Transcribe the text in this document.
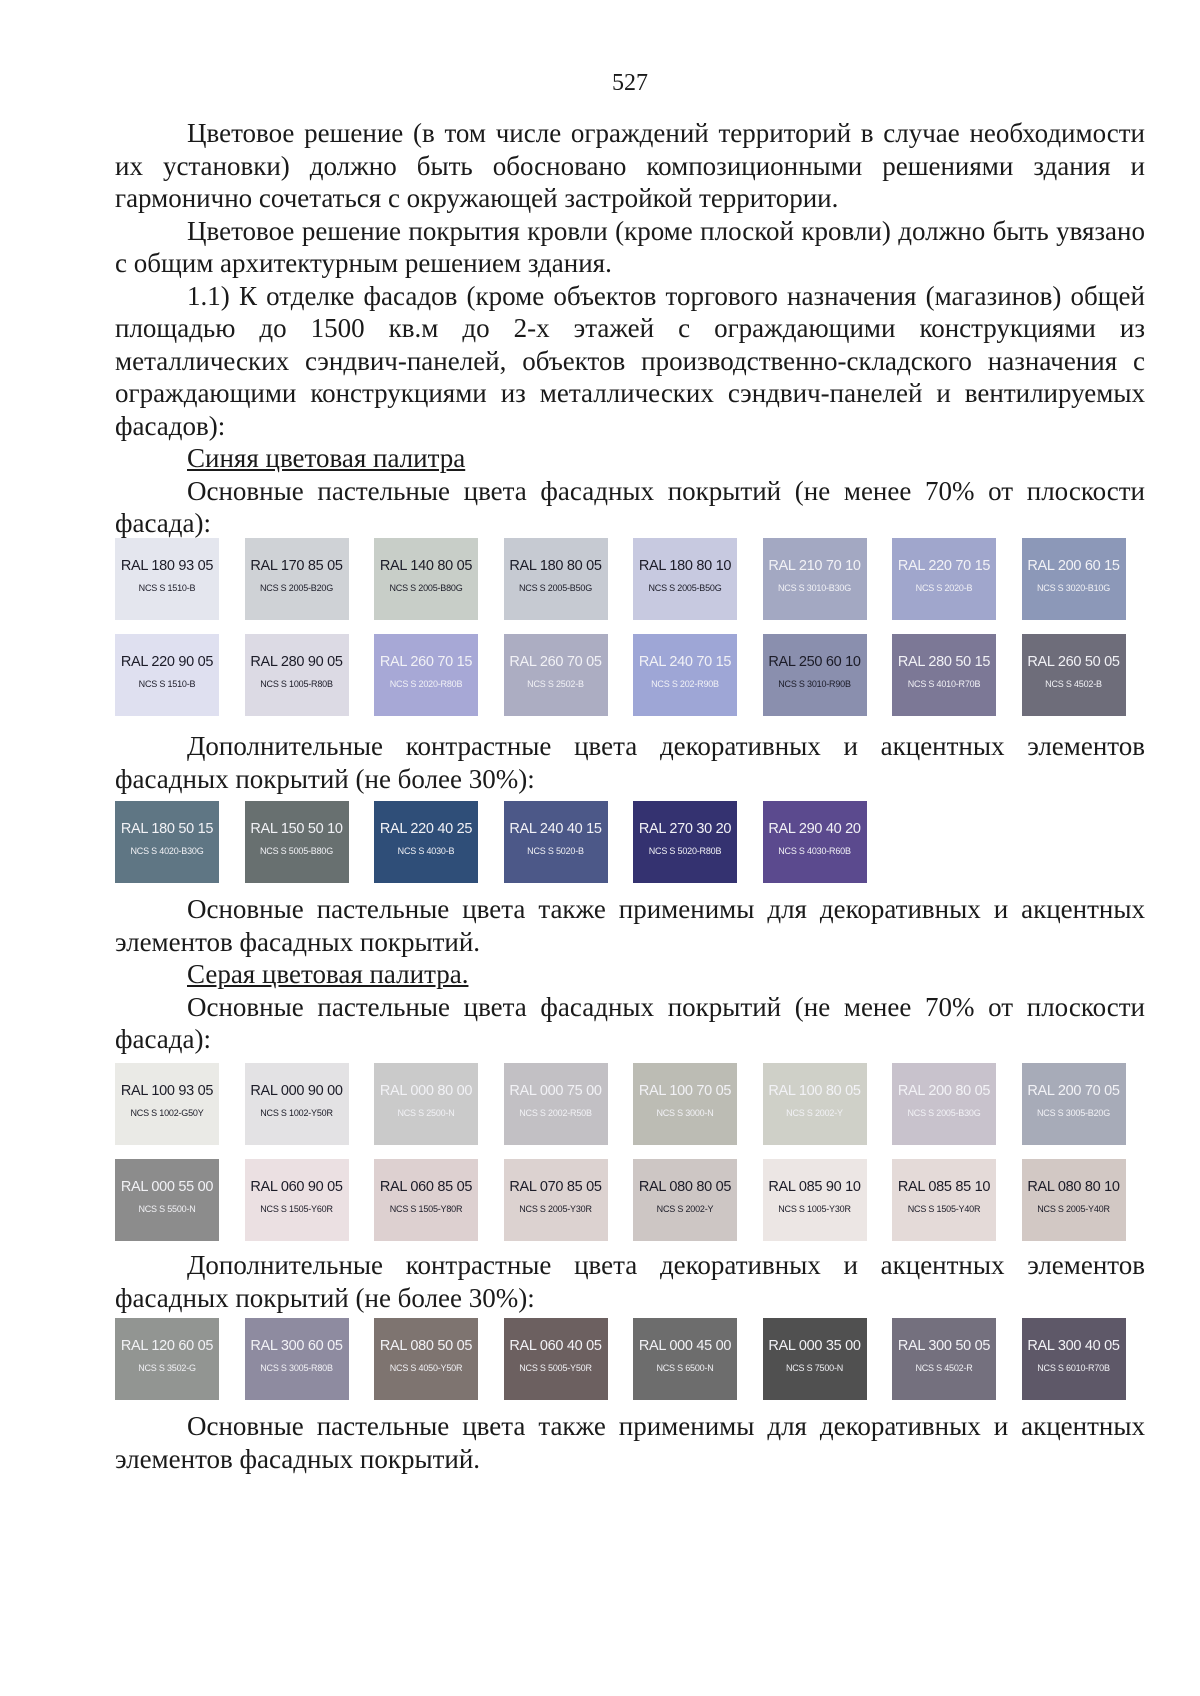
527

Цветовое решение (в том числе ограждений территорий в случае необходимости их установки) должно быть обосновано композиционными решениями здания и гармонично сочетаться с окружающей застройкой территории.

Цветовое решение покрытия кровли (кроме плоской кровли) должно быть увязано с общим архитектурным решением здания.

1.1) К отделке фасадов (кроме объектов торгового назначения (магазинов) общей площадью до 1500 кв.м до 2-х этажей с ограждающими конструкциями из металлических сэндвич-панелей, объектов производственно-складского назначения с ограждающими конструкциями из металлических сэндвич-панелей и вентилируемых фасадов):

Синяя цветовая палитра

Основные пастельные цвета фасадных покрытий (не менее 70% от плоскости фасада):

RAL 180 93 05
NCS S 1510-B
RAL 170 85 05
NCS S 2005-B20G
RAL 140 80 05
NCS S 2005-B80G
RAL 180 80 05
NCS S 2005-B50G
RAL 180 80 10
NCS S 2005-B50G
RAL 210 70 10
NCS S 3010-B30G
RAL 220 70 15
NCS S 2020-B
RAL 200 60 15
NCS S 3020-B10G
RAL 220 90 05
NCS S 1510-B
RAL 280 90 05
NCS S 1005-R80B
RAL 260 70 15
NCS S 2020-R80B
RAL 260 70 05
NCS S 2502-B
RAL 240 70 15
NCS S 202-R90B
RAL 250 60 10
NCS S 3010-R90B
RAL 280 50 15
NCS S 4010-R70B
RAL 260 50 05
NCS S 4502-B

Дополнительные контрастные цвета декоративных и акцентных элементов фасадных покрытий (не более 30%):

RAL 180 50 15
NCS S 4020-B30G
RAL 150 50 10
NCS S 5005-B80G
RAL 220 40 25
NCS S 4030-B
RAL 240 40 15
NCS S 5020-B
RAL 270 30 20
NCS S 5020-R80B
RAL 290 40 20
NCS S 4030-R60B

Основные пастельные цвета также применимы для декоративных и акцентных элементов фасадных покрытий.

Серая цветовая палитра.

Основные пастельные цвета фасадных покрытий (не менее 70% от плоскости фасада):

RAL 100 93 05
NCS S 1002-G50Y
RAL 000 90 00
NCS S 1002-Y50R
RAL 000 80 00
NCS S 2500-N
RAL 000 75 00
NCS S 2002-R50B
RAL 100 70 05
NCS S 3000-N
RAL 100 80 05
NCS S 2002-Y
RAL 200 80 05
NCS S 2005-B30G
RAL 200 70 05
NCS S 3005-B20G
RAL 000 55 00
NCS S 5500-N
RAL 060 90 05
NCS S 1505-Y60R
RAL 060 85 05
NCS S 1505-Y80R
RAL 070 85 05
NCS S 2005-Y30R
RAL 080 80 05
NCS S 2002-Y
RAL 085 90 10
NCS S 1005-Y30R
RAL 085 85 10
NCS S 1505-Y40R
RAL 080 80 10
NCS S 2005-Y40R

Дополнительные контрастные цвета декоративных и акцентных элементов фасадных покрытий (не более 30%):

RAL 120 60 05
NCS S 3502-G
RAL 300 60 05
NCS S 3005-R80B
RAL 080 50 05
NCS S 4050-Y50R
RAL 060 40 05
NCS S 5005-Y50R
RAL 000 45 00
NCS S 6500-N
RAL 000 35 00
NCS S 7500-N
RAL 300 50 05
NCS S 4502-R
RAL 300 40 05
NCS S 6010-R70B

Основные пастельные цвета также применимы для декоративных и акцентных элементов фасадных покрытий.
